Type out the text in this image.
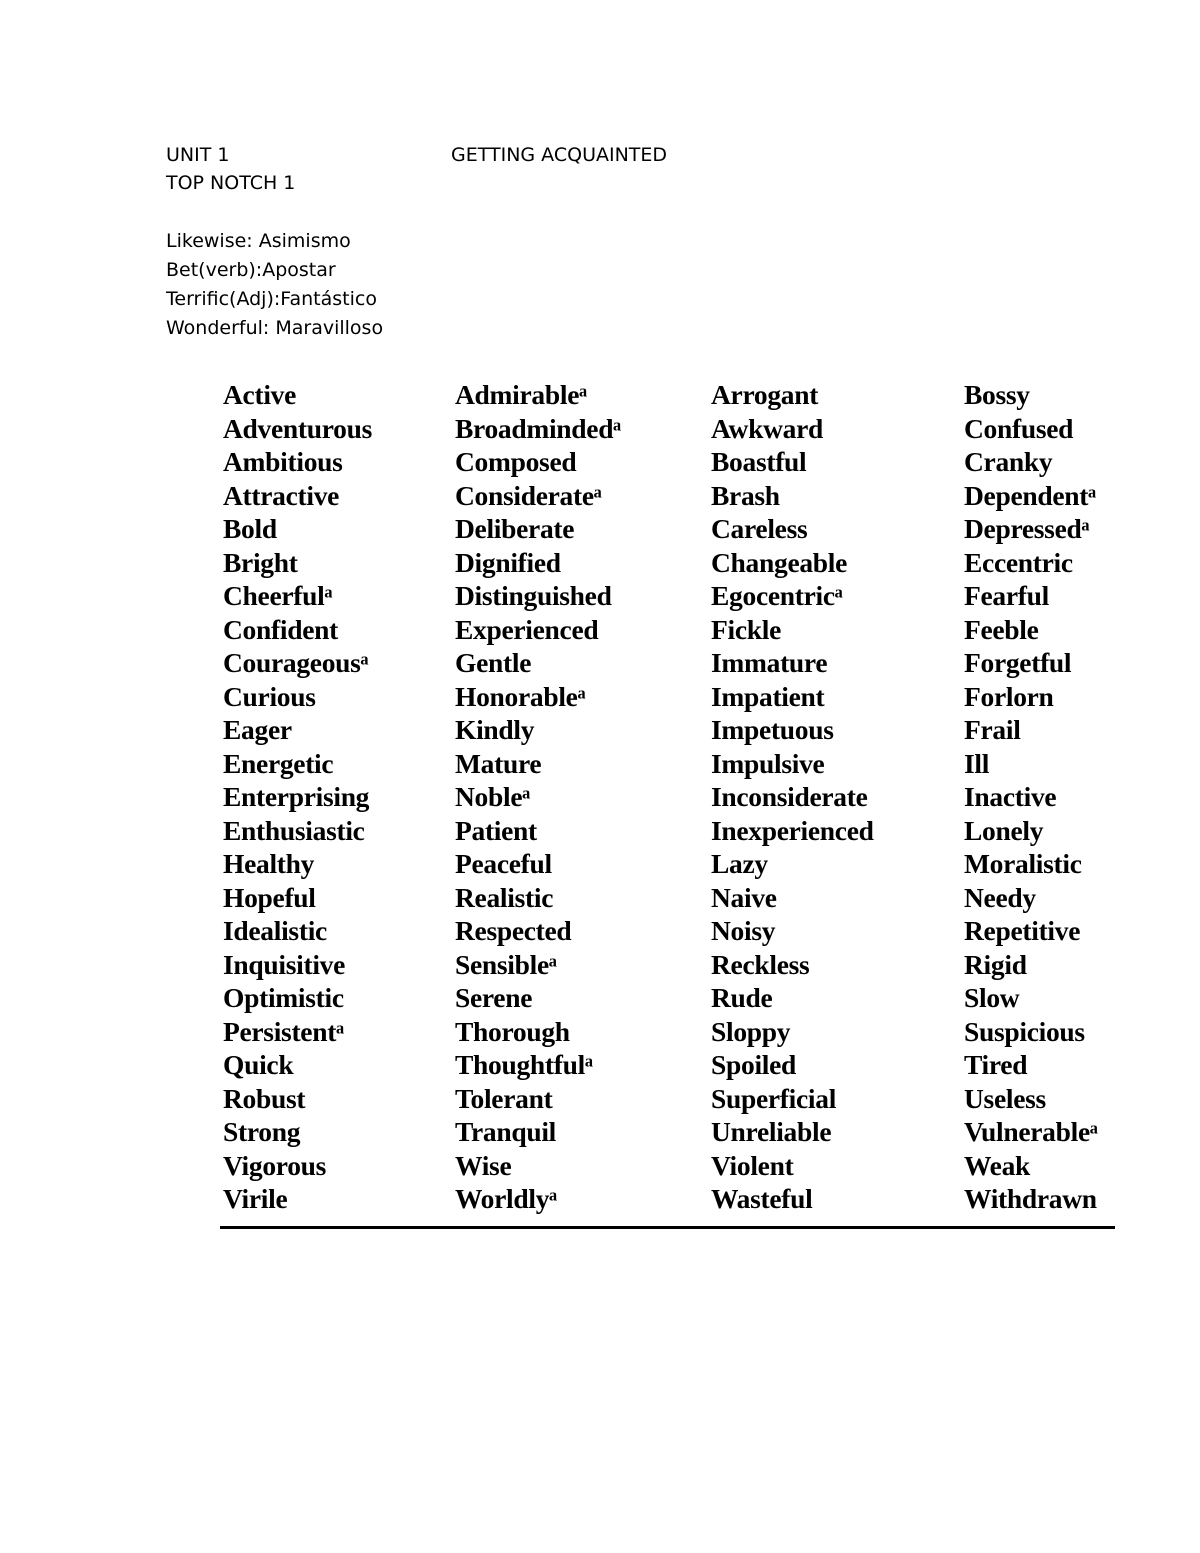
UNIT 1	GETTING ACQUAINTED
TOP NOTCH 1
Likewise: Asimismo
Bet(verb):Apostar
Terrific(Adj):Fantástico
Wonderful: Maravilloso
Active
Adventurous
Ambitious
Attractive
Bold
Bright
Cheerfulᵃ
Confident
Courageousᵃ
Curious
Eager
Energetic
Enterprising
Enthusiastic
Healthy
Hopeful
Idealistic
Inquisitive
Optimistic
Persistentᵃ
Quick
Robust
Strong
Vigorous
Virile
Admirableᵃ
Broadmindedᵃ
Composed
Considerateᵃ
Deliberate
Dignified
Distinguished
Experienced
Gentle
Honorableᵃ
Kindly
Mature
Nobleᵃ
Patient
Peaceful
Realistic
Respected
Sensibleᵃ
Serene
Thorough
Thoughtfulᵃ
Tolerant
Tranquil
Wise
Worldlyᵃ
Arrogant
Awkward
Boastful
Brash
Careless
Changeable
Egocentricᵃ
Fickle
Immature
Impatient
Impetuous
Impulsive
Inconsiderate
Inexperienced
Lazy
Naive
Noisy
Reckless
Rude
Sloppy
Spoiled
Superficial
Unreliable
Violent
Wasteful
Bossy
Confused
Cranky
Dependentᵃ
Depressedᵃ
Eccentric
Fearful
Feeble
Forgetful
Forlorn
Frail
Ill
Inactive
Lonely
Moralistic
Needy
Repetitive
Rigid
Slow
Suspicious
Tired
Useless
Vulnerableᵃ
Weak
Withdrawn
